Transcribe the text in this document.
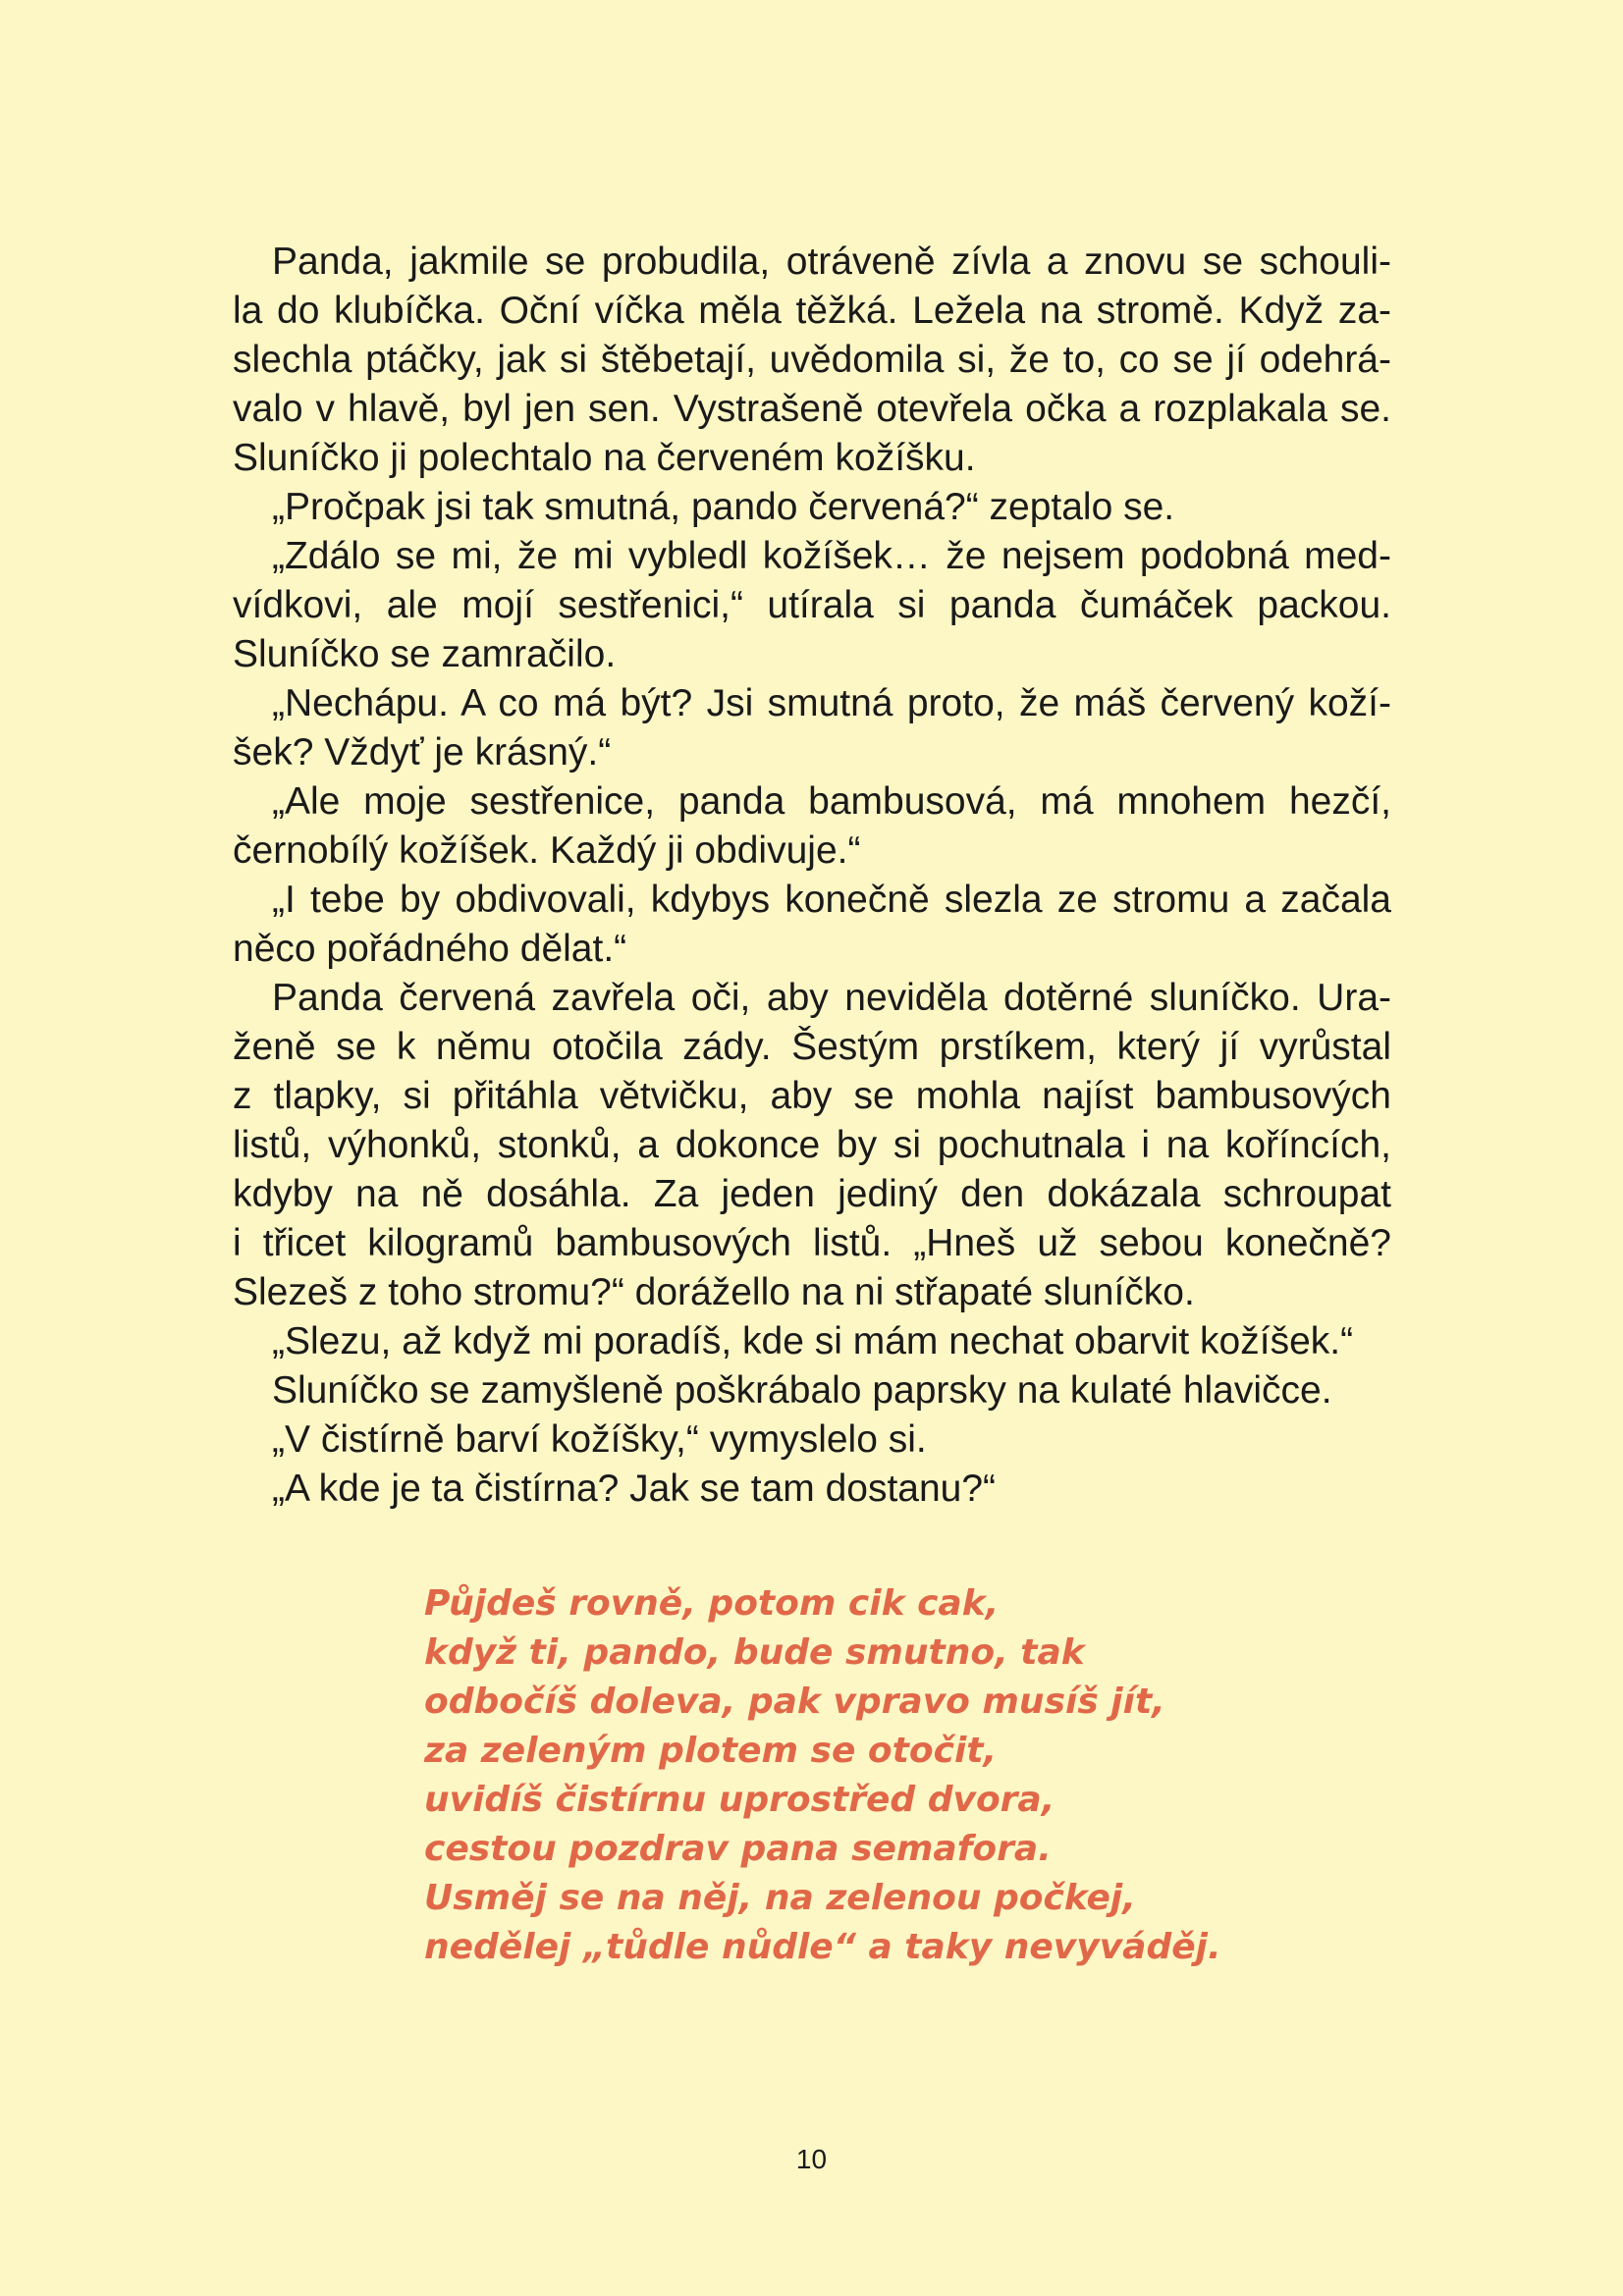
Panda, jakmile se probudila, otráveně zívla a znovu se schouli-
la do klubíčka. Oční víčka měla těžká. Ležela na stromě. Když za-
slechla ptáčky, jak si štěbetají, uvědomila si, že to, co se jí odehrá-
valo v hlavě, byl jen sen. Vystrašeně otevřela očka a rozplakala se.
Sluníčko ji polechtalo na červeném kožíšku.
„Pročpak jsi tak smutná, pando červená?“ zeptalo se.
„Zdálo se mi, že mi vybledl kožíšek… že nejsem podobná med-
vídkovi, ale mojí sestřenici,“ utírala si panda čumáček packou.
Sluníčko se zamračilo.
„Nechápu. A co má být? Jsi smutná proto, že máš červený koží-
šek? Vždyť je krásný.“
„Ale moje sestřenice, panda bambusová, má mnohem hezčí,
černobílý kožíšek. Každý ji obdivuje.“
„I tebe by obdivovali, kdybys konečně slezla ze stromu a začala
něco pořádného dělat.“
Panda červená zavřela oči, aby neviděla dotěrné sluníčko. Ura-
ženě se k němu otočila zády. Šestým prstíkem, který jí vyrůstal
z tlapky, si přitáhla větvičku, aby se mohla najíst bambusových
listů, výhonků, stonků, a dokonce by si pochutnala i na koříncích,
kdyby na ně dosáhla. Za jeden jediný den dokázala schroupat
i třicet kilogramů bambusových listů. „Hneš už sebou konečně?
Slezeš z toho stromu?“ dorážello na ni střapaté sluníčko.
„Slezu, až když mi poradíš, kde si mám nechat obarvit kožíšek.“
Sluníčko se zamyšleně poškrábalo paprsky na kulaté hlavičce.
„V čistírně barví kožíšky,“ vymyslelo si.
„A kde je ta čistírna? Jak se tam dostanu?“
Půjdeš rovně, potom cik cak,
když ti, pando, bude smutno, tak
odbočíš doleva, pak vpravo musíš jít,
za zeleným plotem se otočit,
uvidíš čistírnu uprostřed dvora,
cestou pozdrav pana semafora.
Usměj se na něj, na zelenou počkej,
nedělej „tůdle nůdle“ a taky nevyváděj.
10
